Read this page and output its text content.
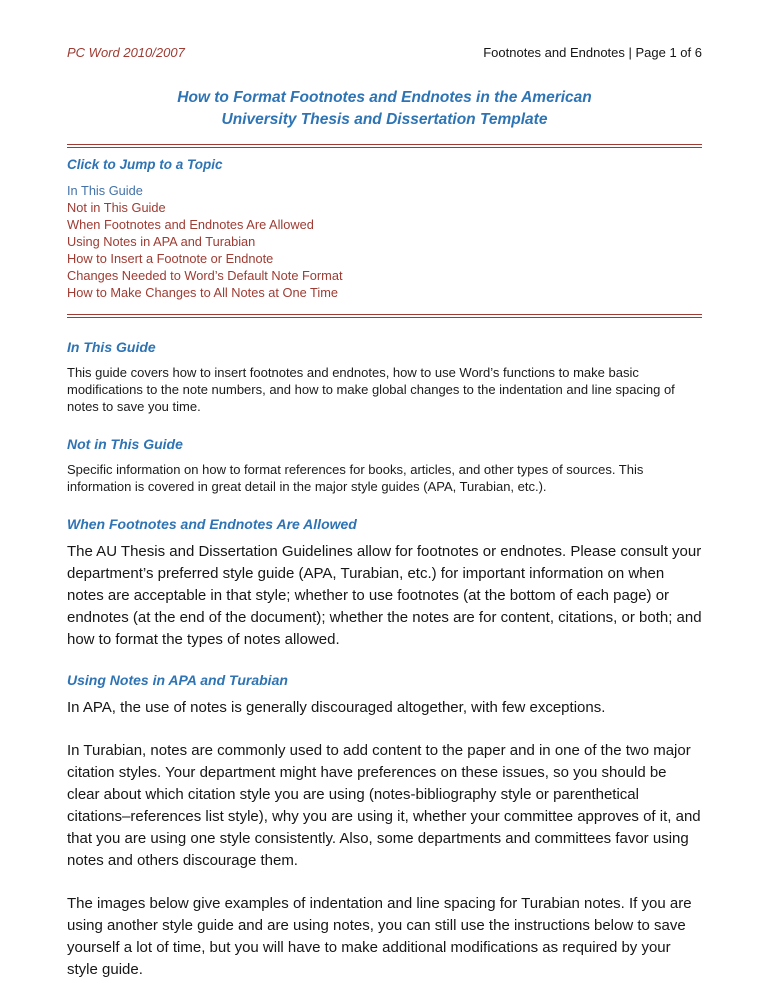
PC Word 2010/2007	Footnotes and Endnotes | Page 1 of 6
How to Format Footnotes and Endnotes in the American
University Thesis and Dissertation Template
Click to Jump to a Topic
In This Guide
Not in This Guide
When Footnotes and Endnotes Are Allowed
Using Notes in APA and Turabian
How to Insert a Footnote or Endnote
Changes Needed to Word’s Default Note Format
How to Make Changes to All Notes at One Time
In This Guide

This guide covers how to insert footnotes and endnotes, how to use Word’s functions to make basic modifications to the note numbers, and how to make global changes to the indentation and line spacing of notes to save you time.

Not in This Guide

Specific information on how to format references for books, articles, and other types of sources. This information is covered in great detail in the major style guides (APA, Turabian, etc.).

When Footnotes and Endnotes Are Allowed

The AU Thesis and Dissertation Guidelines allow for footnotes or endnotes. Please consult your department’s preferred style guide (APA, Turabian, etc.) for important information on when notes are acceptable in that style; whether to use footnotes (at the bottom of each page) or endnotes (at the end of the document); whether the notes are for content, citations, or both; and how to format the types of notes allowed.

Using Notes in APA and Turabian

In APA, the use of notes is generally discouraged altogether, with few exceptions.

In Turabian, notes are commonly used to add content to the paper and in one of the two major citation styles. Your department might have preferences on these issues, so you should be clear about which citation style you are using (notes-bibliography style or parenthetical citations–references list style), why you are using it, whether your committee approves of it, and that you are using one style consistently. Also, some departments and committees favor using notes and others discourage them.

The images below give examples of indentation and line spacing for Turabian notes. If you are using another style guide and are using notes, you can still use the instructions below to save yourself a lot of time, but you will have to make additional modifications as required by your style guide.
